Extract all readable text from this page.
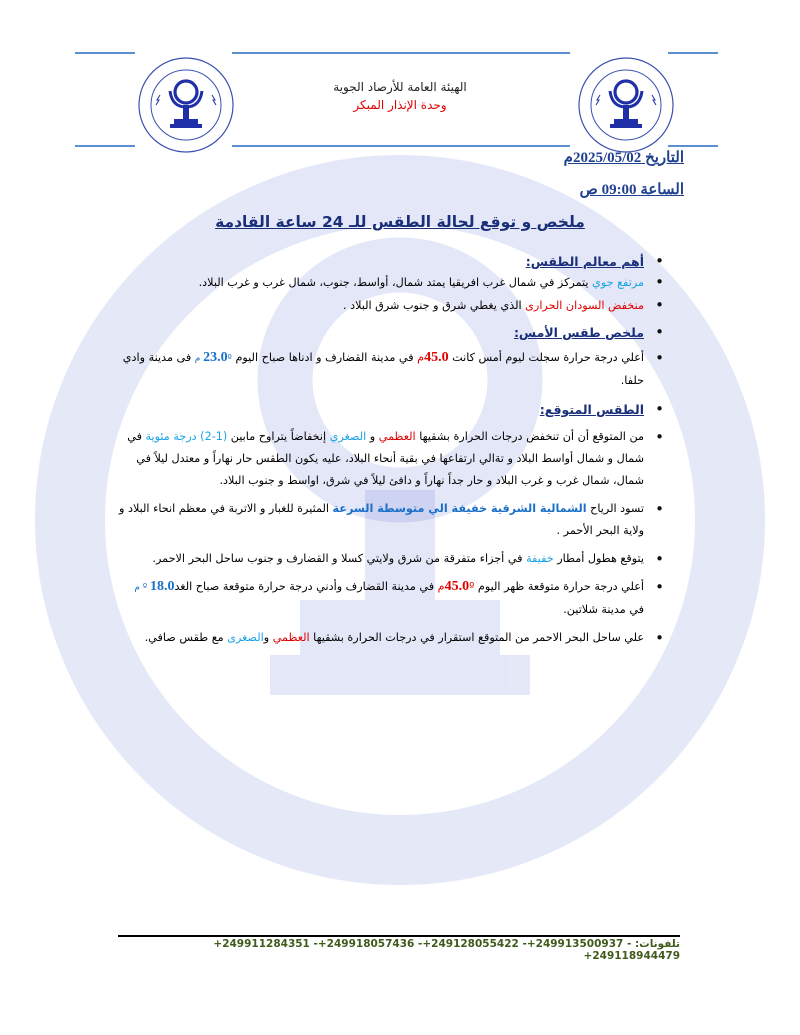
الهيئة العامة للأرصاد الجوية
وحدة الإنذار المبكر
التاريخ 2025/05/02م
الساعة 09:00 ص
ملخص و توقع لحالة الطقس للـ 24 ساعة القادمة

• أهم معالم الطقس:

• مرتفع جوي يتمركز في شمال غرب افريقيا يمتد شمال، أواسط، جنوب، شمال غرب و غرب البلاد.

• منخفض السودان الحرارى الذي يغطي شرق و جنوب شرق البلاد .

• ملخص طقس الأمس:

• أعلي درجة حرارة سجلت ليوم أمس كانت 45.0م في مدينة القضارف و ادناها صباح اليوم 23.0º م فى مدينة وادي حلفا.

• الطقس المتوقع:

• من المتوقع أن أن تنخفض درجات الحرارة بشقيها العظمي و الصغري إنخفاضاً يتراوح مابين (1-2) درجة مئوية في شمال و شمال أواسط البلاد و تةالي ارتفاعها في بقية أنحاء البلاد، عليه يكون الطقس حار نهاراً و معتدل ليلاً في شمال، شمال غرب و غرب البلاد و حار جداً نهاراً و دافئ ليلاً في شرق، اواسط و جنوب البلاد.

• تسود الرياح الشمالية الشرقية خفيفة الي متوسطة السرعة المثيرة للغبار و الاتربة في معظم انحاء البلاد و ولاية البحر الأحمر .

• يتوقع هطول أمطار خفيفة في أجزاء متفرقة من شرق ولايتي كسلا و القضارف و جنوب ساحل البحر الاحمر.

• أعلي درجة حرارة متوقعة ظهر اليوم 45.0ºم في مدينة القضارف وأدني درجة حرارة متوقعة صباح الغد18.0 º م في مدينة شلاتين.

• علي ساحل البحر الاحمر من المتوقع استقرار في درجات الحرارة بشقيها العظمي والصغرى مع طقس صافي.

تلفونات: +249911284351 -+249918057436 -+249128055422 -+249913500937 -+249118944479
